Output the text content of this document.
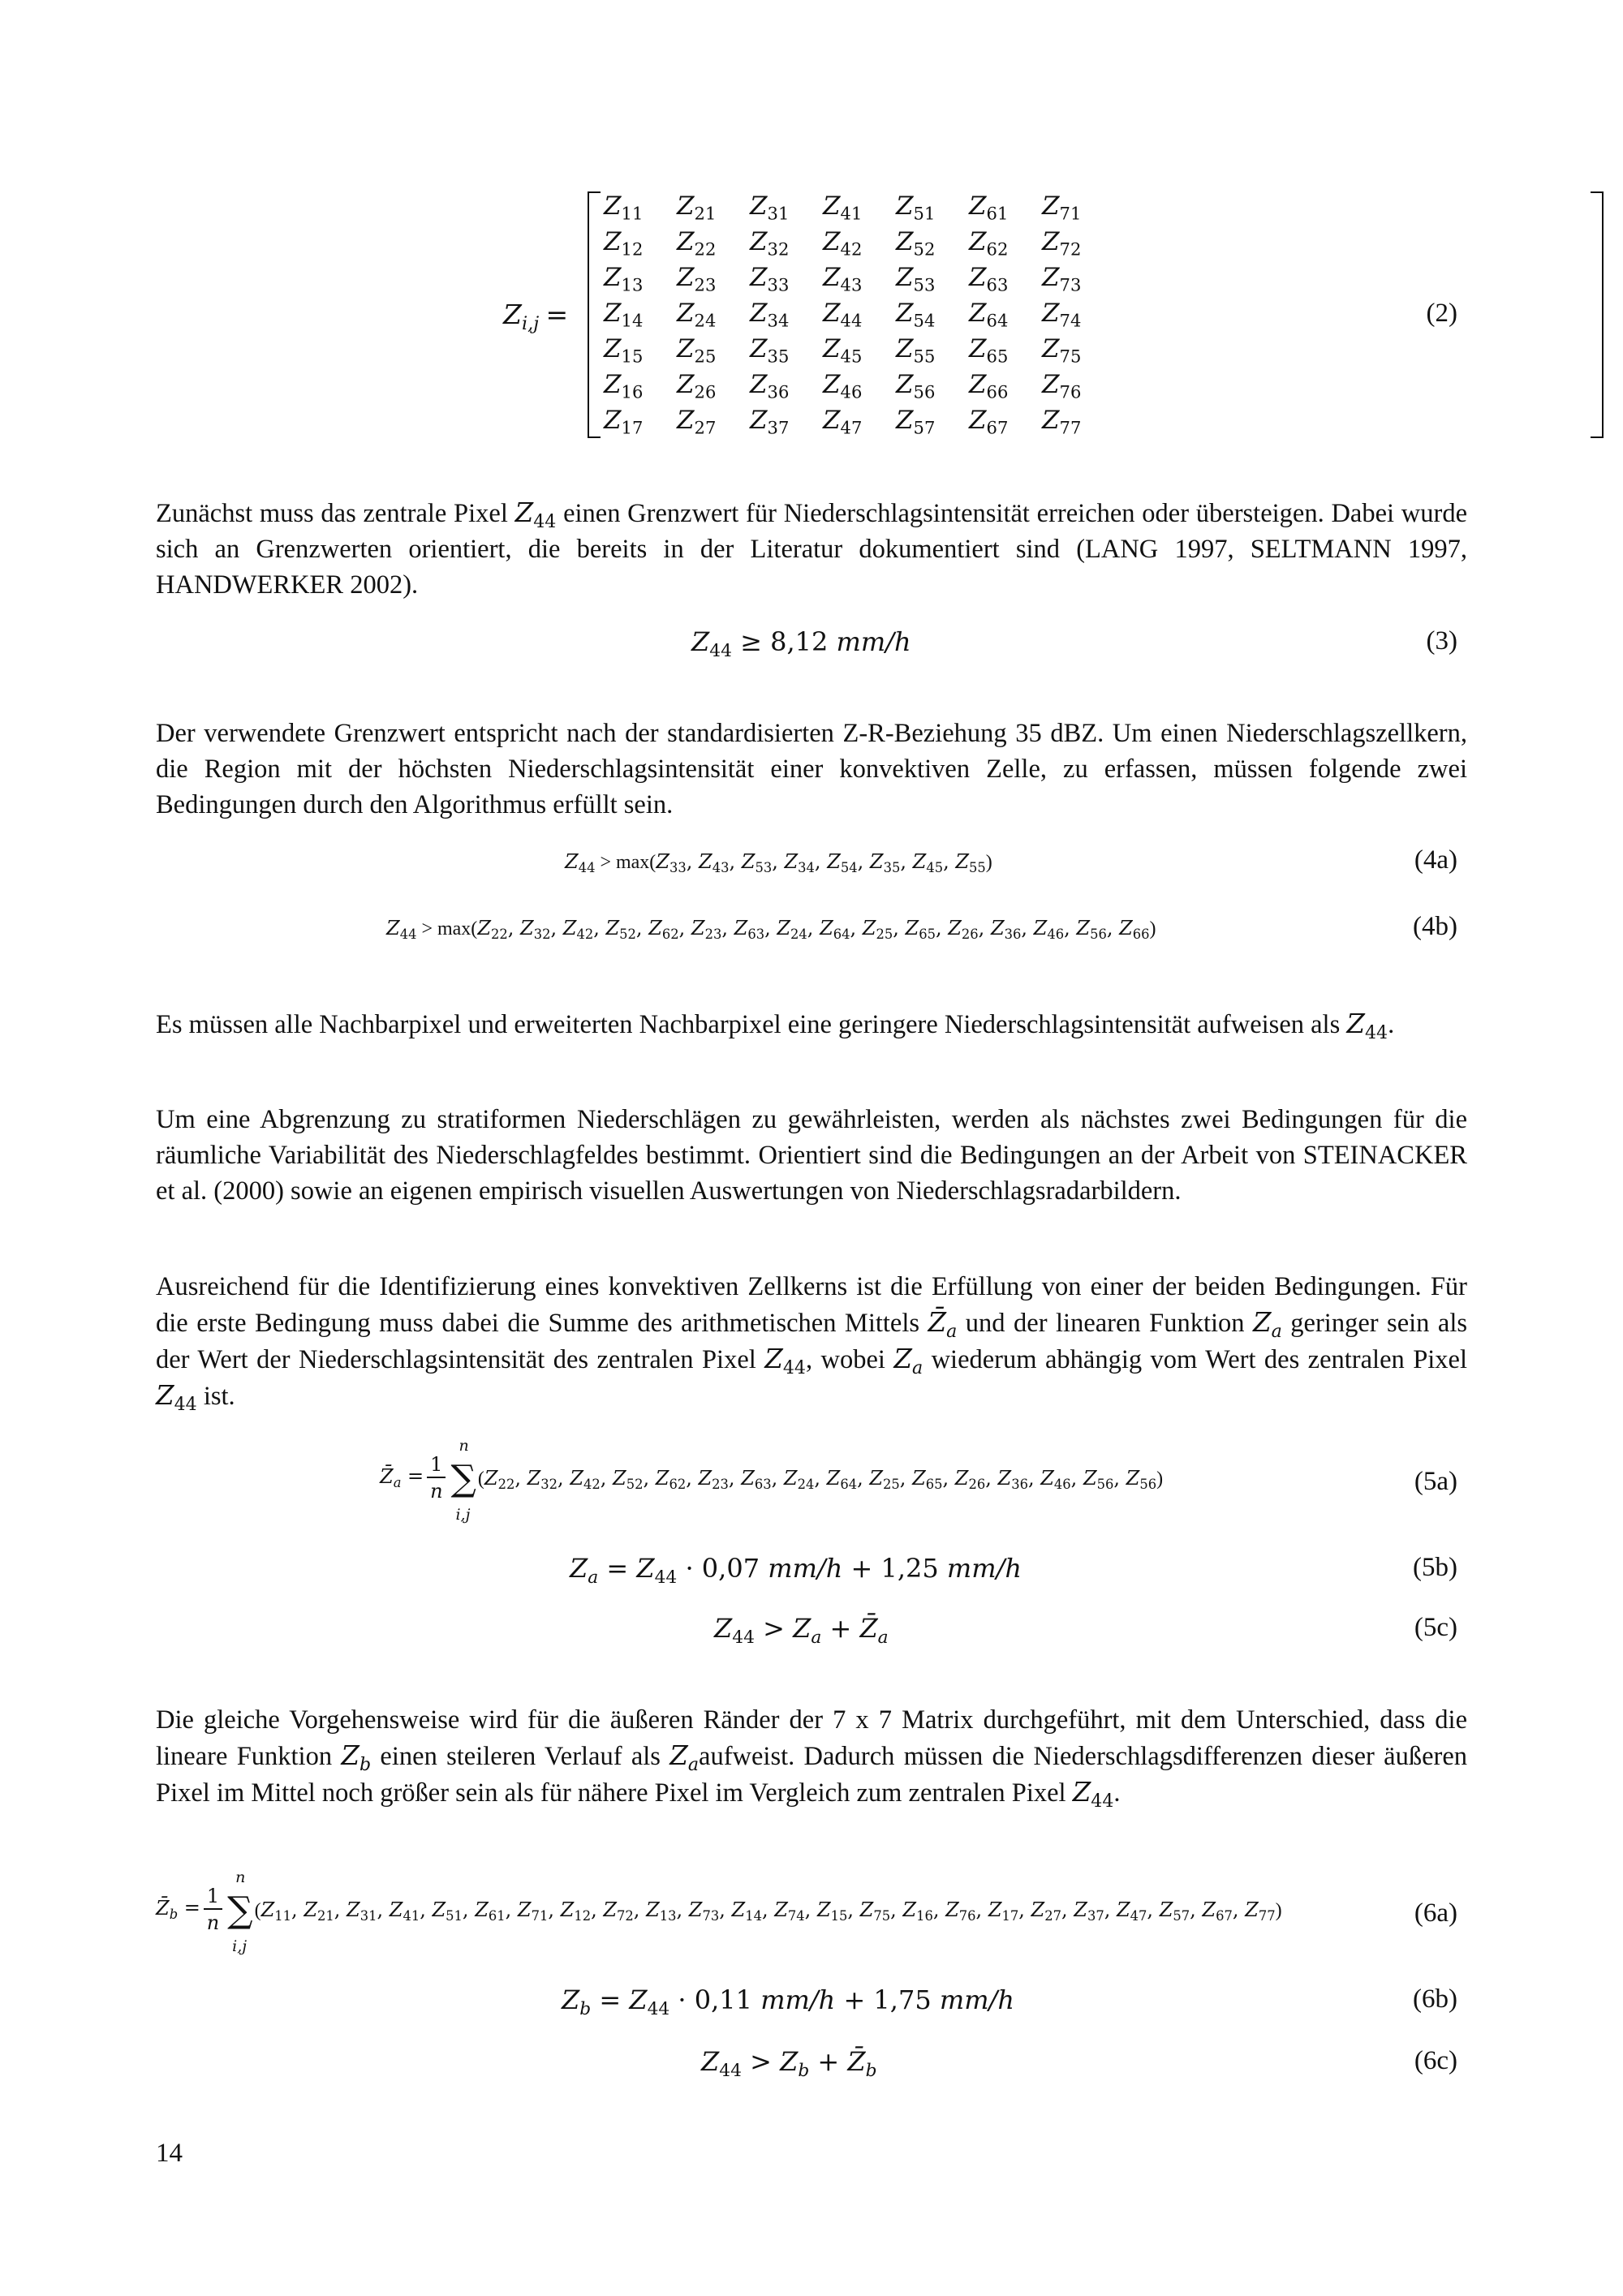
$Z_{i,j}$ =
$Z_{11}$	$Z_{21}$	$Z_{31}$	$Z_{41}$	$Z_{51}$	$Z_{61}$	$Z_{71}$
$Z_{12}$	$Z_{22}$	$Z_{32}$	$Z_{42}$	$Z_{52}$	$Z_{62}$	$Z_{72}$
$Z_{13}$	$Z_{23}$	$Z_{33}$	$Z_{43}$	$Z_{53}$	$Z_{63}$	$Z_{73}$
$Z_{14}$	$Z_{24}$	$Z_{34}$	$Z_{44}$	$Z_{54}$	$Z_{64}$	$Z_{74}$
$Z_{15}$	$Z_{25}$	$Z_{35}$	$Z_{45}$	$Z_{55}$	$Z_{65}$	$Z_{75}$
$Z_{16}$	$Z_{26}$	$Z_{36}$	$Z_{46}$	$Z_{56}$	$Z_{66}$	$Z_{76}$
$Z_{17}$	$Z_{27}$	$Z_{37}$	$Z_{47}$	$Z_{57}$	$Z_{67}$	$Z_{77}$
(2)

Zunächst muss das zentrale Pixel $Z_{44}$ einen Grenzwert für Niederschlagsintensität erreichen oder übersteigen. Dabei wurde sich an Grenzwerten orientiert, die bereits in der Literatur dokumentiert sind (LANG 1997, SELTMANN 1997, HANDWERKER 2002).

$Z_{44} \ge 8,12$ mm/h	(3)

Der verwendete Grenzwert entspricht nach der standardisierten Z-R-Beziehung 35 dBZ. Um einen Niederschlagszellkern, die Region mit der höchsten Niederschlagsintensität einer konvektiven Zelle, zu erfassen, müssen folgende zwei Bedingungen durch den Algorithmus erfüllt sein.

$Z_{44} > \max(Z_{33}$, $Z_{43}$, $Z_{53}$, $Z_{34}$, $Z_{54}$, $Z_{35}$, $Z_{45}$, $Z_{55}$)	(4a)
$Z_{44} > \max(Z_{22}$, $Z_{32}$, $Z_{42}$, $Z_{52}$, $Z_{62}$, $Z_{23}$, $Z_{63}$, $Z_{24}$, $Z_{64}$, $Z_{25}$, $Z_{65}$, $Z_{26}$, $Z_{36}$, $Z_{46}$, $Z_{56}$, $Z_{66}$)	(4b)

Es müssen alle Nachbarpixel und erweiterten Nachbarpixel eine geringere Niederschlagsintensität aufweisen als $Z_{44}$.

Um eine Abgrenzung zu stratiformen Niederschlägen zu gewährleisten, werden als nächstes zwei Bedingungen für die räumliche Variabilität des Niederschlagfeldes bestimmt. Orientiert sind die Bedingungen an der Arbeit von STEINACKER et al. (2000) sowie an eigenen empirisch visuellen Auswertungen von Niederschlagsradarbildern.

Ausreichend für die Identifizierung eines konvektiven Zellkerns ist die Erfüllung von einer der beiden Bedingungen. Für die erste Bedingung muss dabei die Summe des arithmetischen Mittels $Z̄_a$ und der linearen Funktion $Z_a$ geringer sein als der Wert der Niederschlagsintensität des zentralen Pixel $Z_{44}$, wobei $Z_a$ wiederum abhängig vom Wert des zentralen Pixel $Z_{44}$ ist.

$Z̄_a = \frac{1}{n}$ ∑
n
i,j
($Z_{22}$, $Z_{32}$, $Z_{42}$, $Z_{52}$, $Z_{62}$, $Z_{23}$, $Z_{63}$, $Z_{24}$, $Z_{64}$, $Z_{25}$, $Z_{65}$, $Z_{26}$, $Z_{36}$, $Z_{46}$, $Z_{56}$, $Z_{56}$)	(5a)
$Z_a = Z_{44} \cdot 0,07$ mm/h + 1,25 mm/h	(5b)
$Z_{44} > Z_a$ + $Z̄_a$	(5c)

Die gleiche Vorgehensweise wird für die äußeren Ränder der 7 x 7 Matrix durchgeführt, mit dem Unterschied, dass die lineare Funktion $Z_b$ einen steileren Verlauf als $Z_aaufweist$. Dadurch müssen die Niederschlagsdifferenzen dieser äußeren Pixel im Mittel noch größer sein als für nähere Pixel im Vergleich zum zentralen Pixel $Z_{44}$.

$Z̄_b = \frac{1}{n}$ ∑
n
i,j
($Z_{11}$, $Z_{21}$, $Z_{31}$, $Z_{41}$, $Z_{51}$, $Z_{61}$, $Z_{71}$, $Z_{12}$, $Z_{72}$, $Z_{13}$, $Z_{73}$, $Z_{14}$, $Z_{74}$, $Z_{15}$, $Z_{75}$, $Z_{16}$, $Z_{76}$, $Z_{17}$, $Z_{27}$, $Z_{37}$, $Z_{47}$, $Z_{57}$, $Z_{67}$, $Z_{77}$)	(6a)
$Z_b = Z_{44} \cdot 0,11$ mm/h + 1,75 mm/h	(6b)
$Z_{44} > Z_b$ + $Z̄_b$	(6c)
14
